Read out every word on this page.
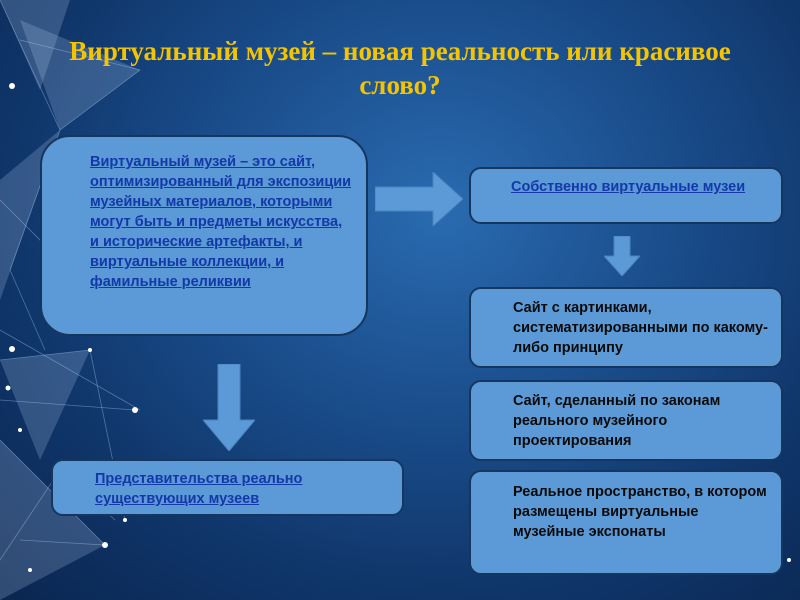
Виртуальный музей – новая реальность или красивое слово?
Виртуальный музей – это сайт, оптимизированный для экспозиции музейных материалов, которыми могут быть и предметы искусства, и исторические артефакты, и виртуальные коллекции, и фамильные реликвии
Собственно виртуальные музеи
Представительства реально существующих музеев
Сайт с картинками, систематизированными по какому-либо принципу
Сайт, сделанный по законам реального музейного проектирования
Реальное пространство, в котором размещены виртуальные музейные экспонаты
